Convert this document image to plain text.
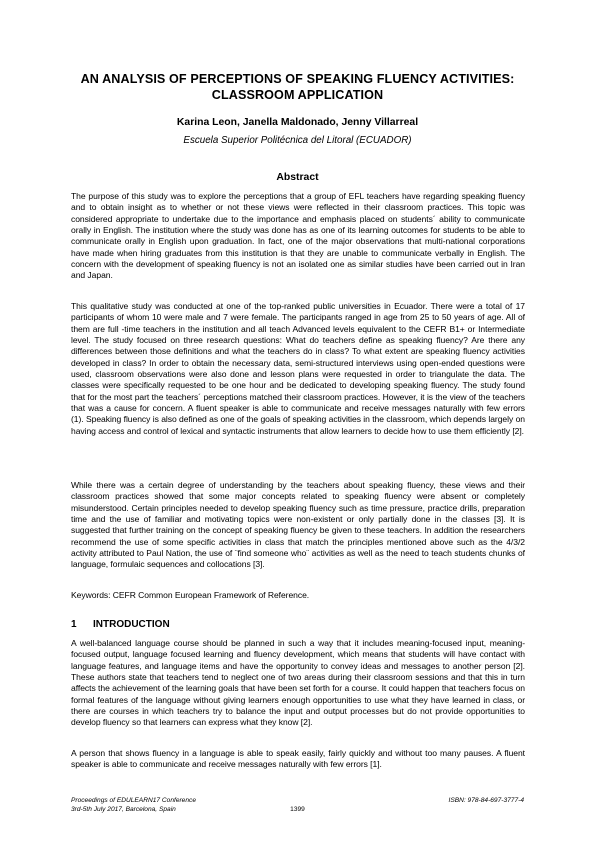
AN ANALYSIS OF PERCEPTIONS OF SPEAKING FLUENCY ACTIVITIES: CLASSROOM APPLICATION
Karina Leon, Janella Maldonado, Jenny Villarreal
Escuela Superior Politécnica del Litoral (ECUADOR)
Abstract

The purpose of this study was to explore the perceptions that a group of EFL teachers have regarding speaking fluency and to obtain insight as to whether or not these views were reflected in their classroom practices. This topic was considered appropriate to undertake due to the importance and emphasis placed on students´ ability to communicate orally in English. The institution where the study was done has as one of its learning outcomes for students to be able to communicate orally in English upon graduation. In fact, one of the major observations that multi-national corporations have made when hiring graduates from this institution is that they are unable to communicate verbally in English. The concern with the development of speaking fluency is not an isolated one as similar studies have been carried out in Iran and Japan.

This qualitative study was conducted at one of the top-ranked public universities in Ecuador. There were a total of 17 participants of whom 10 were male and 7 were female. The participants ranged in age from 25 to 50 years of age. All of them are full -time teachers in the institution and all teach Advanced levels equivalent to the CEFR B1+ or Intermediate level. The study focused on three research questions: What do teachers define as speaking fluency? Are there any differences between those definitions and what the teachers do in class? To what extent are speaking fluency activities developed in class? In order to obtain the necessary data, semi-structured interviews using open-ended questions were used, classroom observations were also done and lesson plans were requested in order to triangulate the data. The classes were specifically requested to be one hour and be dedicated to developing speaking fluency. The study found that for the most part the teachers´ perceptions matched their classroom practices. However, it is the view of the teachers that was a cause for concern. A fluent speaker is able to communicate and receive messages naturally with few errors (1). Speaking fluency is also defined as one of the goals of speaking activities in the classroom, which depends largely on having access and control of lexical and syntactic instruments that allow learners to decide how to use them efficiently [2].

While there was a certain degree of understanding by the teachers about speaking fluency, these views and their classroom practices showed that some major concepts related to speaking fluency were absent or completely misunderstood. Certain principles needed to develop speaking fluency such as time pressure, practice drills, preparation time and the use of familiar and motivating topics were non-existent or only partially done in the classes [3]. It is suggested that further training on the concept of speaking fluency be given to these teachers. In addition the researchers recommend the use of some specific activities in class that match the principles mentioned above such as the 4/3/2 activity attributed to Paul Nation, the use of ¨find someone who¨ activities as well as the need to teach students chunks of language, formulaic sequences and collocations [3].

Keywords: CEFR Common European Framework of Reference.

1 INTRODUCTION

A well-balanced language course should be planned in such a way that it includes meaning-focused input, meaning-focused output, language focused learning and fluency development, which means that students will have contact with language features, and language items and have the opportunity to convey ideas and messages to another person [2]. These authors state that teachers tend to neglect one of two areas during their classroom sessions and that this in turn affects the achievement of the learning goals that have been set forth for a course. It could happen that teachers focus on formal features of the language without giving learners enough opportunities to use what they have learned in class, or there are courses in which teachers try to balance the input and output processes but do not provide opportunities to develop fluency so that learners can express what they know [2].

A person that shows fluency in a language is able to speak easily, fairly quickly and without too many pauses. A fluent speaker is able to communicate and receive messages naturally with few errors [1].

Proceedings of EDULEARN17 Conference
3rd-5th July 2017, Barcelona, Spain
ISBN: 978-84-697-3777-4
1399
